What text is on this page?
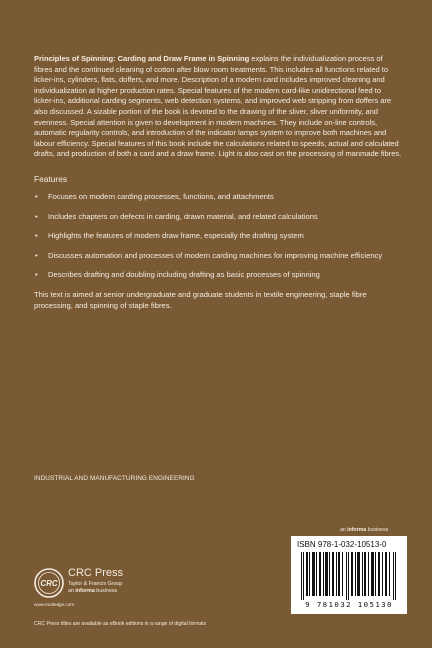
Principles of Spinning: Carding and Draw Frame in Spinning explains the individualization process of fibres and the continued cleaning of cotton after blow room treatments. This includes all functions related to licker-ins, cylinders, flats, doffers, and more. Description of a modern card includes improved cleaning and individualization at higher production rates. Special features of the modern card-like unidirectional feed to licker-ins, additional carding segments, web detection systems, and improved web stripping from doffers are also discussed. A sizable portion of the book is devoted to the drawing of the sliver, sliver uniformity, and evenness. Special attention is given to development in modern machines. They include on-line controls, automatic regularity controls, and introduction of the indicator lamps system to improve both machines and labour efficiency. Special features of this book include the calculations related to speeds, actual and calculated drafts, and production of both a card and a draw frame. Light is also cast on the processing of manmade fibres.

Features
• Focuses on modern carding processes, functions, and attachments
• Includes chapters on defects in carding, drawn material, and related calculations
• Highlights the features of modern draw frame, especially the drafting system
• Discusses automation and processes of modern carding machines for improving machine efficiency
• Describes drafting and doubling including drafting as basic processes of spinning

This text is aimed at senior undergraduate and graduate students in textile engineering, staple fibre processing, and spinning of staple fibres.

INDUSTRIAL AND MANUFACTURING ENGINEERING
an informa business
ISBN 978-1-032-10513-0
9 781032 105130
CRC
CRC Press
Taylor & Francis Group
an informa business
www.routledge.com
CRC Press titles are available as eBook editions in a range of digital formats
